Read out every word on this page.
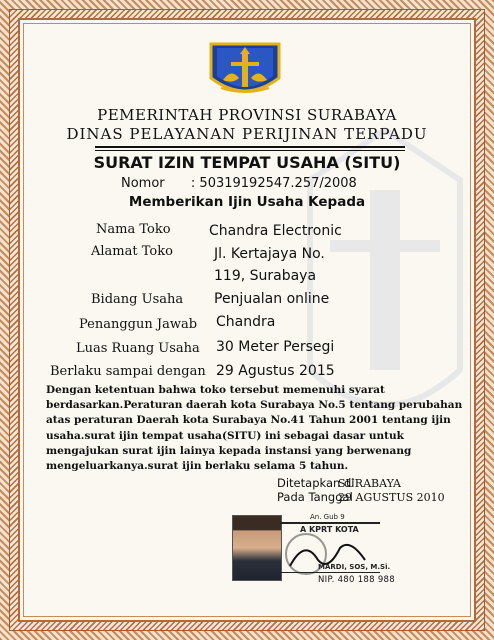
PEMERINTAH PROVINSI SURABAYA
DINAS PELAYANAN PERIJINAN TERPADU
SURAT IZIN TEMPAT USAHA (SITU)
Nomor : 50319192547.257/2008
Memberikan Ijin Usaha Kepada
Nama Toko	Chandra Electronic
Alamat Toko	Jl. Kertajaya No.
119, Surabaya
Bidang Usaha Penjualan online
Penanggun Jawab Chandra
Luas Ruang Usaha 30 Meter Persegi
Berlaku sampai dengan 29 Agustus 2015
Dengan ketentuan bahwa toko tersebut memenuhi syarat
berdasarkan.Peraturan daerah kota Surabaya No.5 tentang perubahan
atas peraturan Daerah kota Surabaya No.41 Tahun 2001 tentang ijin
usaha.surat ijin tempat usaha(SITU) ini sebagai dasar untuk
mengajukan surat ijin lainya kepada instansi yang berwenang
mengeluarkanya.surat ijin berlaku selama 5 tahun.
Ditetapkan di
Pada Tanggal
SURABAYA
29 AGUSTUS 2010
An. Gub 9
A KPRT KOTA
MARDI, SOS, M.Si.
NIP. 480 188 988
